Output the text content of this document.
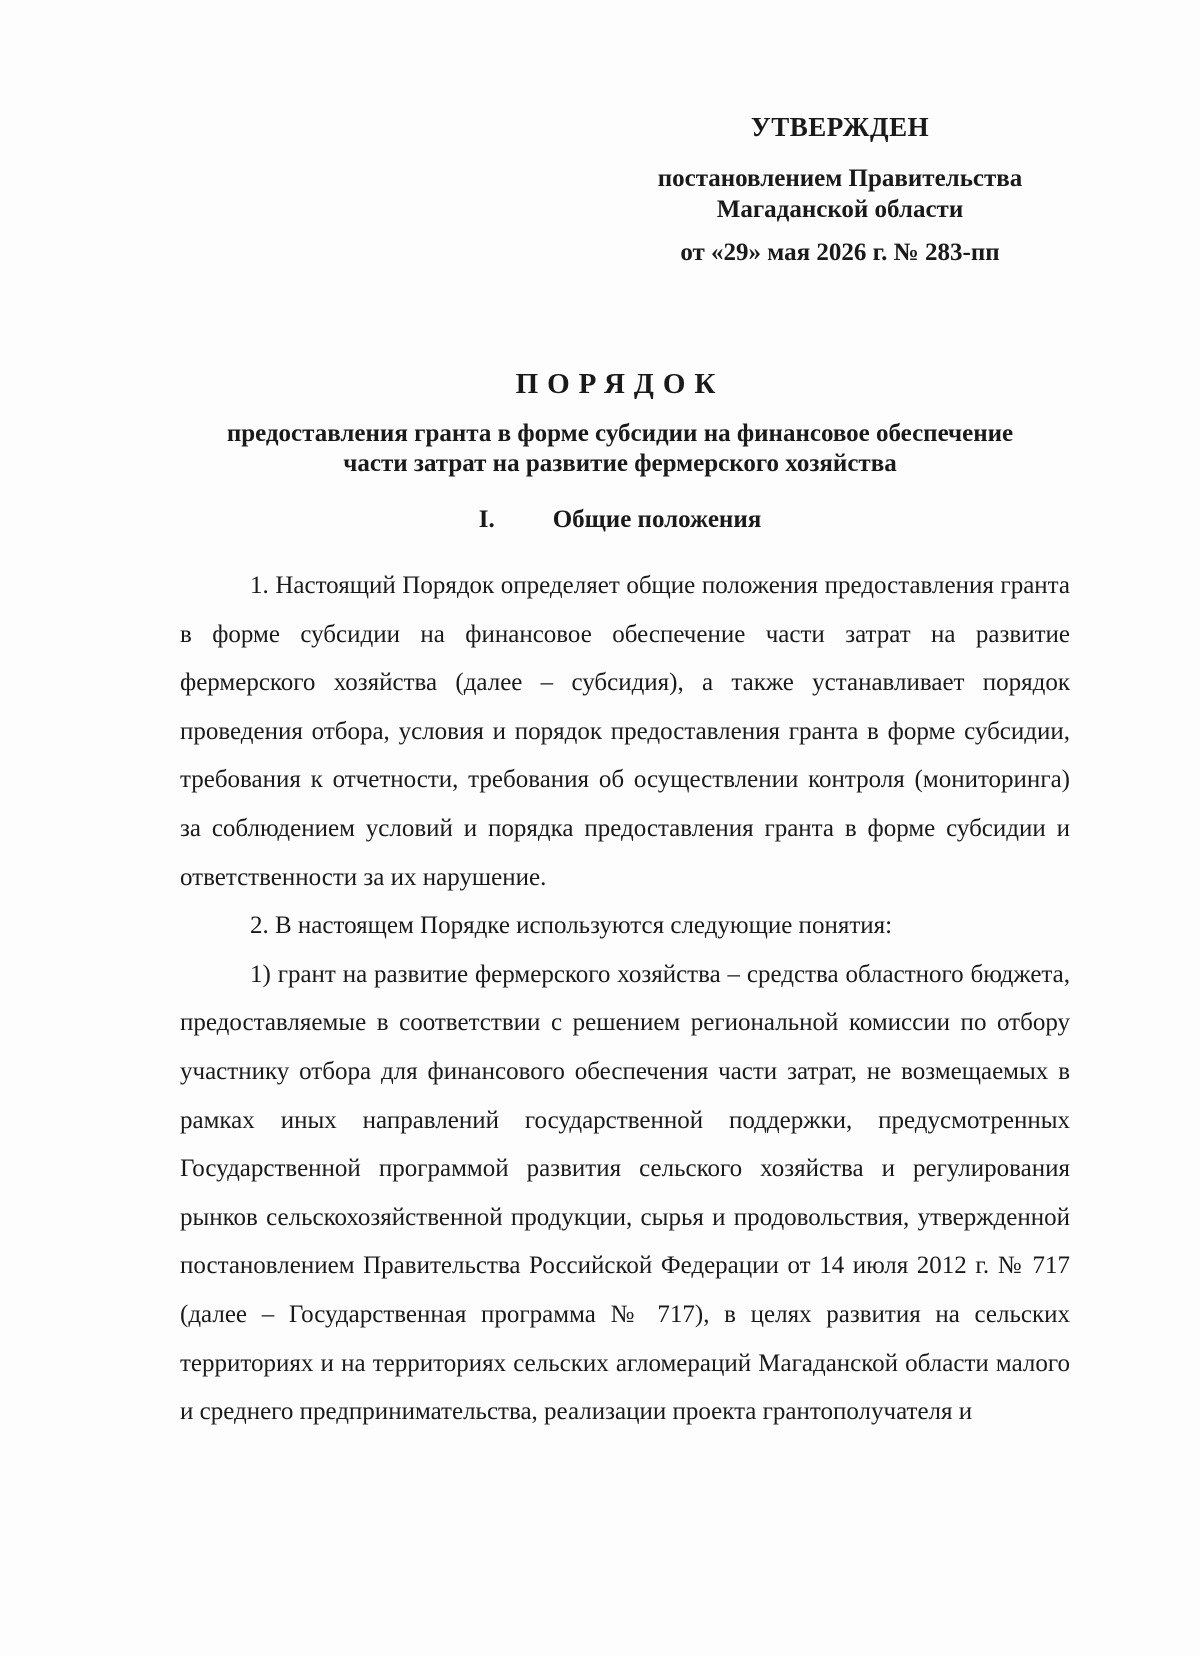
УТВЕРЖДЕН
постановлением Правительства
Магаданской области
от «29» мая 2026 г. № 283-пп
ПОРЯДОК
предоставления гранта в форме субсидии на финансовое обеспечение
части затрат на развитие фермерского хозяйства
I. Общие положения

1. Настоящий Порядок определяет общие положения предоставления гранта в форме субсидии на финансовое обеспечение части затрат на развитие фермерского хозяйства (далее – субсидия), а также устанавливает порядок проведения отбора, условия и порядок предоставления гранта в форме субсидии, требования к отчетности, требования об осуществлении контроля (мониторинга) за соблюдением условий и порядка предоставления гранта в форме субсидии и ответственности за их нарушение.

2. В настоящем Порядке используются следующие понятия:

1) грант на развитие фермерского хозяйства – средства областного бюджета, предоставляемые в соответствии с решением региональной комиссии по отбору участнику отбора для финансового обеспечения части затрат, не возмещаемых в рамках иных направлений государственной поддержки, предусмотренных Государственной программой развития сельского хозяйства и регулирования рынков сельскохозяйственной продукции, сырья и продовольствия, утвержденной постановлением Правительства Российской Федерации от 14 июля 2012 г. № 717 (далее – Государственная программа № 717), в целях развития на сельских территориях и на территориях сельских агломераций Магаданской области малого и среднего предпринимательства, реализации проекта грантополучателя и
